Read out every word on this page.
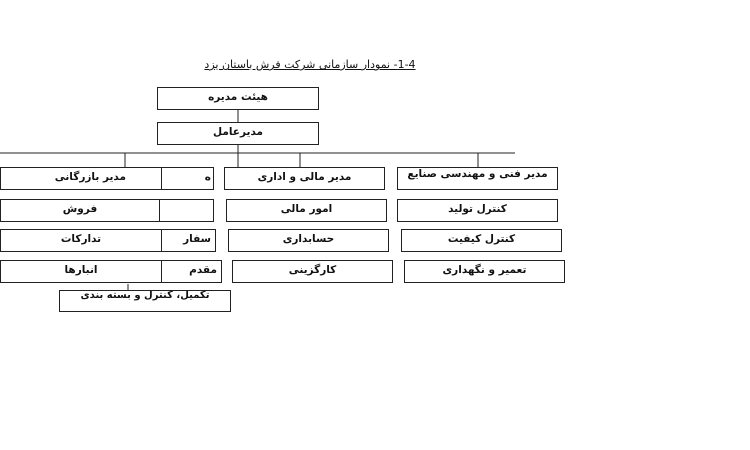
1-4- نمودار سازمانی شرکت فرش باستان یزد
هیئت مدیره
مدیرعامل
مدیر فنی و مهندسی صنایع
کنترل تولید
کنترل کیفیت
تعمیر و نگهداری
مدیر مالی و اداری
امور مالی
حسابداری
کارگزینی
ه
سفار
مقدم
مدیر بازرگانی
فروش
تدارکات
انبارها
تکمیل، کنترل و بسته بندی
